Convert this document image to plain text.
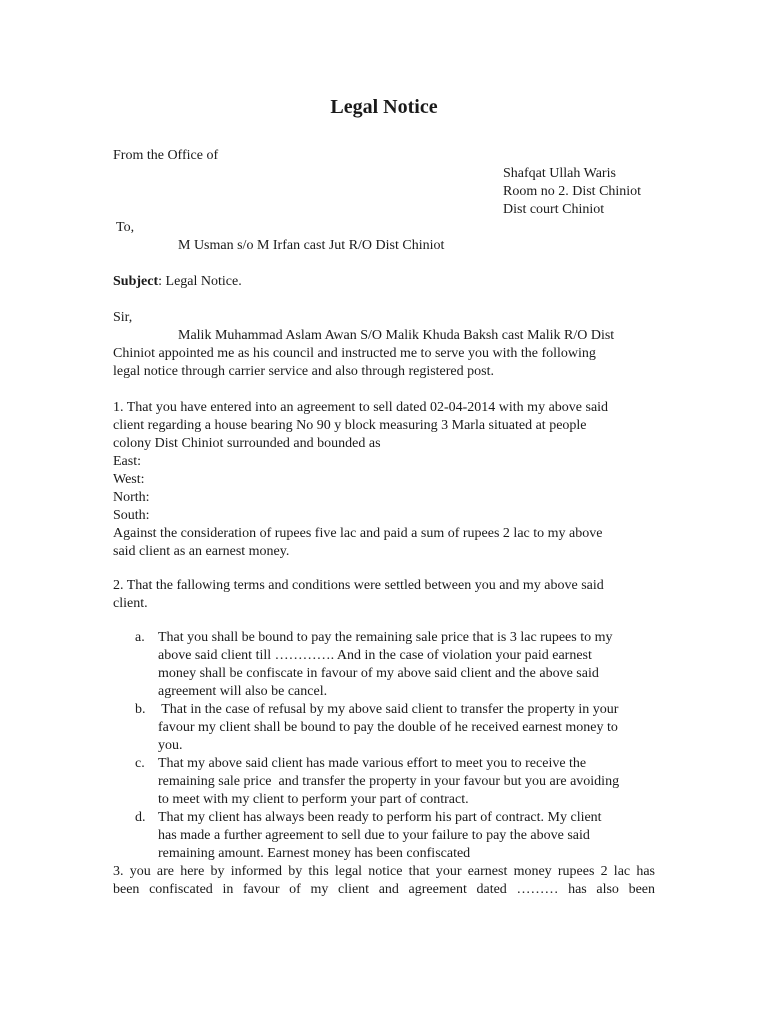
Legal Notice
From the Office of
Shafqat Ullah Waris
Room no 2. Dist Chiniot
Dist court Chiniot
To,
M Usman s/o M Irfan cast Jut R/O Dist Chiniot
Subject: Legal Notice.
Sir,
Malik Muhammad Aslam Awan S/O Malik Khuda Baksh cast Malik R/O Dist
Chiniot appointed me as his council and instructed me to serve you with the following
legal notice through carrier service and also through registered post.
1. That you have entered into an agreement to sell dated 02-04-2014 with my above said
client regarding a house bearing No 90 y block measuring 3 Marla situated at people
colony Dist Chiniot surrounded and bounded as
East:
West:
North:
South:
Against the consideration of rupees five lac and paid a sum of rupees 2 lac to my above
said client as an earnest money.
2. That the fallowing terms and conditions were settled between you and my above said
client.
a. That you shall be bound to pay the remaining sale price that is 3 lac rupees to my
above said client till …………. And in the case of violation your paid earnest
money shall be confiscate in favour of my above said client and the above said
agreement will also be cancel.
b. That in the case of refusal by my above said client to transfer the property in your
favour my client shall be bound to pay the double of he received earnest money to
you.
c. That my above said client has made various effort to meet you to receive the
remaining sale price  and transfer the property in your favour but you are avoiding
to meet with my client to perform your part of contract.
d. That my client has always been ready to perform his part of contract. My client
has made a further agreement to sell due to your failure to pay the above said
remaining amount. Earnest money has been confiscated
3. you are here by informed by this legal notice that your earnest money rupees 2 lac has
been confiscated in favour of my client and agreement dated ……… has also been
